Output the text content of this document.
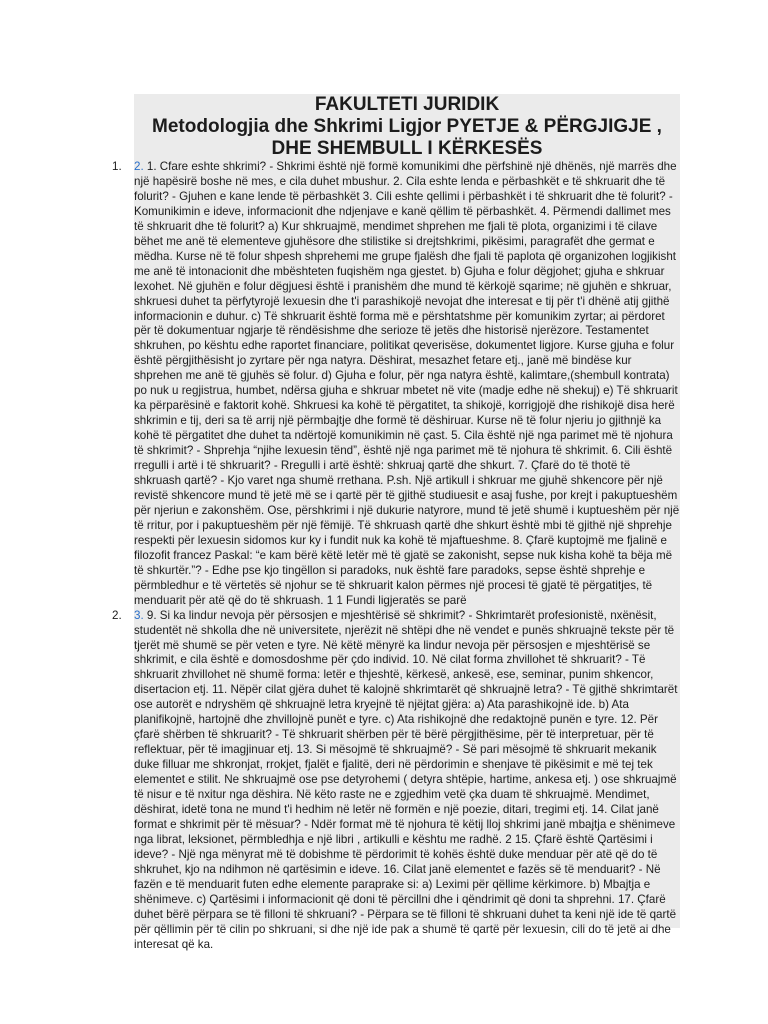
FAKULTETI JURIDIK
Metodologjia dhe Shkrimi Ligjor PYETJE & PËRGJIGJE ,
DHE SHEMBULL I KËRKESËS
1.	2. 1. Cfare eshte shkrimi? - Shkrimi është një formë komunikimi dhe përfshinë një dhënës, një marrës dhe një hapësirë boshe në mes, e cila duhet mbushur. 2. Cila eshte lenda e përbashkët e të shkruarit dhe të folurit? - Gjuhen e kane lende të përbashkët 3. Cili eshte qellimi i përbashkët i të shkruarit dhe të folurit? - Komunikimin e ideve, informacionit dhe ndjenjave e kanë qëllim të përbashkët. 4. Përmendi dallimet mes të shkruarit dhe të folurit? a) Kur shkruajmë, mendimet shprehen me fjali të plota, organizimi i të cilave bëhet me anë të elementeve gjuhësore dhe stilistike si drejtshkrimi, pikësimi, paragrafët dhe germat e mëdha. Kurse në të folur shpesh shprehemi me grupe fjalësh dhe fjali të paplota që organizohen logjikisht me anë të intonacionit dhe mbështeten fuqishëm nga gjestet. b) Gjuha e folur dëgjohet; gjuha e shkruar lexohet. Në gjuhën e folur dëgjuesi është i pranishëm dhe mund të kërkojë sqarime; në gjuhën e shkruar, shkruesi duhet ta përfytyrojë lexuesin dhe t'i parashikojë nevojat dhe interesat e tij për t'i dhënë atij gjithë informacionin e duhur. c) Të shkruarit është forma më e përshtatshme për komunikim zyrtar; ai përdoret për të dokumentuar ngjarje të rëndësishme dhe serioze të jetës dhe historisë njerëzore. Testamentet shkruhen, po kështu edhe raportet financiare, politikat qeverisëse, dokumentet ligjore. Kurse gjuha e folur është përgjithësisht jo zyrtare për nga natyra. Dëshirat, mesazhet fetare etj., janë më bindëse kur shprehen me anë të gjuhës së folur. d) Gjuha e folur, për nga natyra është, kalimtare,(shembull kontrata) po nuk u regjistrua, humbet, ndërsa gjuha e shkruar mbetet në vite (madje edhe në shekuj) e) Të shkruarit ka përparësinë e faktorit kohë. Shkruesi ka kohë të përgatitet, ta shikojë, korrigjojë dhe rishikojë disa herë shkrimin e tij, deri sa të arrij një përmbajtje dhe formë të dëshiruar. Kurse në të folur njeriu jo gjithnjë ka kohë të përgatitet dhe duhet ta ndërtojë komunikimin në çast. 5. Cila është një nga parimet më të njohura të shkrimit? - Shprehja “njihe lexuesin tënd”, është një nga parimet më të njohura të shkrimit. 6. Cili është rregulli i artë i të shkruarit? - Rregulli i artë është: shkruaj qartë dhe shkurt. 7. Çfarë do të thotë të shkruash qartë? - Kjo varet nga shumë rrethana. P.sh. Një artikull i shkruar me gjuhë shkencore për një revistë shkencore mund të jetë më se i qartë për të gjithë studiuesit e asaj fushe, por krejt i pakuptueshëm për njeriun e zakonshëm. Ose, përshkrimi i një dukurie natyrore, mund të jetë shumë i kuptueshëm për një të rritur, por i pakuptueshëm për një fëmijë. Të shkruash qartë dhe shkurt është mbi të gjithë një shprehje respekti për lexuesin sidomos kur ky i fundit nuk ka kohë të mjaftueshme. 8. Çfarë kuptojmë me fjalinë e filozofit francez Paskal: “e kam bërë këtë letër më të gjatë se zakonisht, sepse nuk kisha kohë ta bëja më të shkurtër.”? - Edhe pse kjo tingëllon si paradoks, nuk është fare paradoks, sepse është shprehje e përmbledhur e të vërtetës së njohur se të shkruarit kalon përmes një procesi të gjatë të përgatitjes, të menduarit për atë që do të shkruash. 1 1 Fundi ligjeratës se parë
2.	3. 9. Si ka lindur nevoja për përsosjen e mjeshtërisë së shkrimit? - Shkrimtarët profesionistë, nxënësit, studentët në shkolla dhe në universitete, njerëzit në shtëpi dhe në vendet e punës shkruajnë tekste për të tjerët më shumë se për veten e tyre. Në këtë mënyrë ka lindur nevoja për përsosjen e mjeshtërisë se shkrimit, e cila është e domosdoshme për çdo individ. 10. Në cilat forma zhvillohet të shkruarit? - Të shkruarit zhvillohet në shumë forma: letër e thjeshtë, kërkesë, ankesë, ese, seminar, punim shkencor, disertacion etj. 11. Nëpër cilat gjëra duhet të kalojnë shkrimtarët që shkruajnë letra? - Të gjithë shkrimtarët ose autorët e ndryshëm që shkruajnë letra kryejnë të njëjtat gjëra: a) Ata parashikojnë ide. b) Ata planifikojnë, hartojnë dhe zhvillojnë punët e tyre. c) Ata rishikojnë dhe redaktojnë punën e tyre. 12. Për çfarë shërben të shkruarit? - Të shkruarit shërben për të bërë përgjithësime, për të interpretuar, për të reflektuar, për të imagjinuar etj. 13. Si mësojmë të shkruajmë? - Së pari mësojmë të shkruarit mekanik duke filluar me shkronjat, rrokjet, fjalët e fjalitë, deri në përdorimin e shenjave të pikësimit e më tej tek elementet e stilit. Ne shkruajmë ose pse detyrohemi ( detyra shtëpie, hartime, ankesa etj. ) ose shkruajmë të nisur e të nxitur nga dëshira. Në këto raste ne e zgjedhim vetë çka duam të shkruajmë. Mendimet, dëshirat, idetë tona ne mund t'i hedhim në letër në formën e një poezie, ditari, tregimi etj. 14. Cilat janë format e shkrimit për të mësuar? - Ndër format më të njohura të këtij lloj shkrimi janë mbajtja e shënimeve nga librat, leksionet, përmbledhja e një libri , artikulli e kështu me radhë. 2 15. Çfarë është Qartësimi i ideve? - Një nga mënyrat më të dobishme të përdorimit të kohës është duke menduar për atë që do të shkruhet, kjo na ndihmon në qartësimin e ideve. 16. Cilat janë elementet e fazës së të menduarit? - Në fazën e të menduarit futen edhe elemente paraprake si: a) Leximi për qëllime kërkimore. b) Mbajtja e shënimeve. c) Qartësimi i informacionit që doni të përcillni dhe i qëndrimit që doni ta shprehni. 17. Çfarë duhet bërë përpara se të filloni të shkruani? - Përpara se të filloni të shkruani duhet ta keni një ide të qartë për qëllimin për të cilin po shkruani, si dhe një ide pak a shumë të qartë për lexuesin, cili do të jetë ai dhe interesat që ka.
